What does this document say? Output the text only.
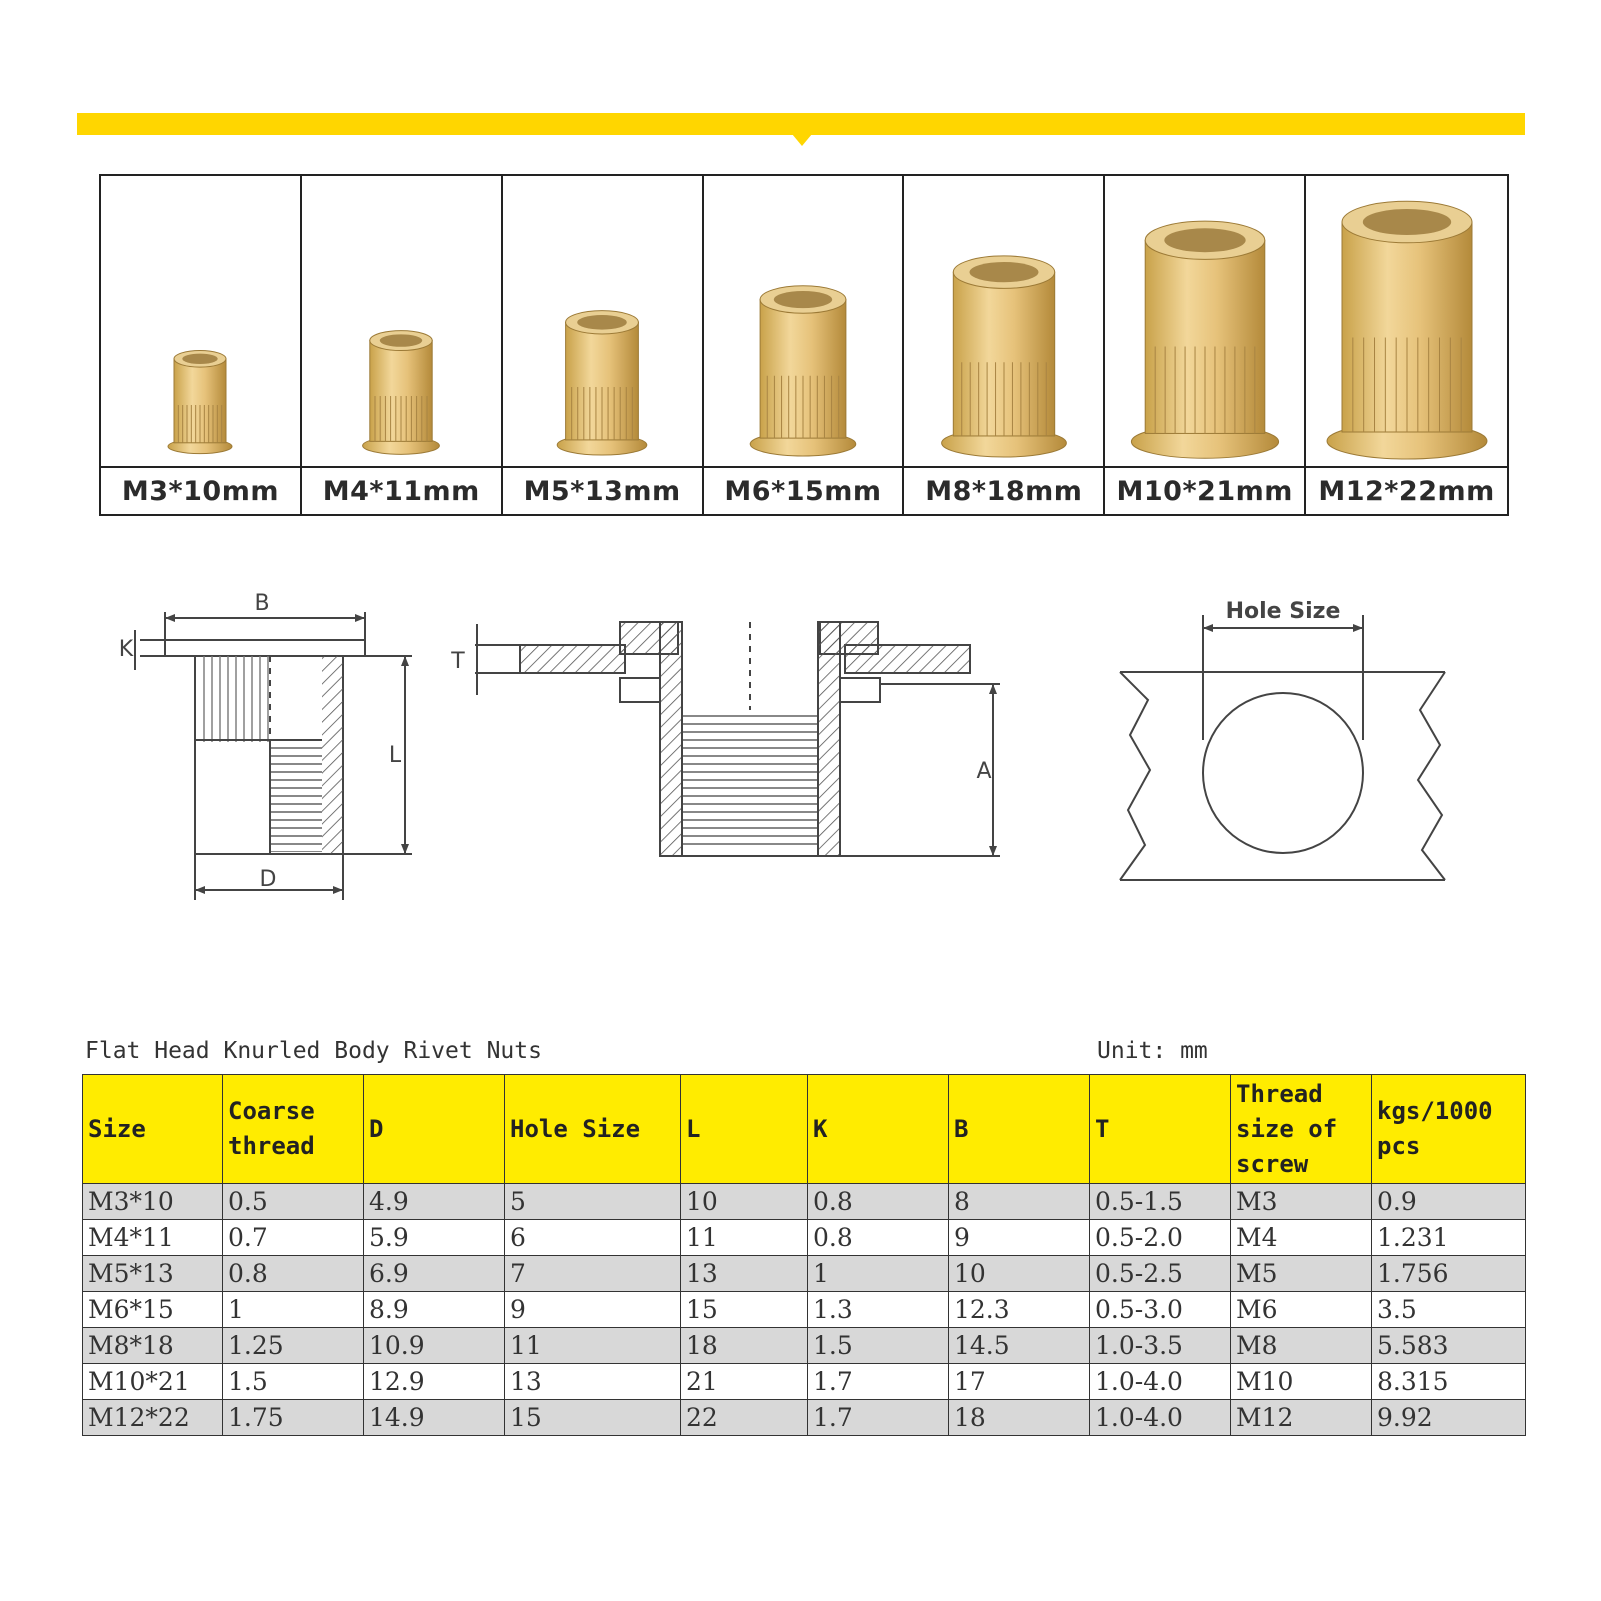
M3*10mm	M4*11mm	M5*13mm	M6*15mm	M8*18mm	M10*21mm M12*22mm
B
K
L
D
T
A
Hole Size
Flat Head Knurled Body Rivet Nuts	Unit: mm
Size	Coarse thread	D	Hole Size	L	K	B	T	Thread size of screw	kgs/1000 pcs
M3*10	0.5	4.9	5	10	0.8	8	0.5-1.5	M3	0.9
M4*11	0.7	5.9	6	11	0.8	9	0.5-2.0	M4	1.231
M5*13	0.8	6.9	7	13	1	10	0.5-2.5	M5	1.756
M6*15	1	8.9	9	15	1.3	12.3	0.5-3.0	M6	3.5
M8*18	1.25	10.9	11	18	1.5	14.5	1.0-3.5	M8	5.583
M10*21	1.5	12.9	13	21	1.7	17	1.0-4.0	M10	8.315
M12*22	1.75	14.9	15	22	1.7	18	1.0-4.0	M12	9.92
